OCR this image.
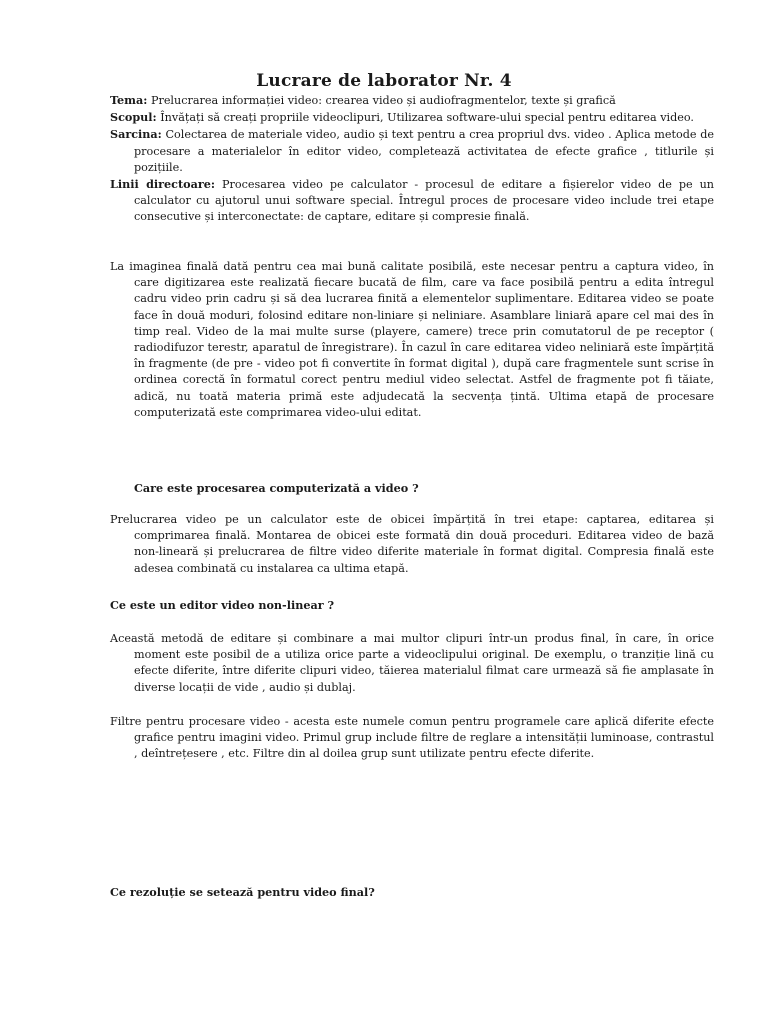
Lucrare de laborator Nr. 4

Tema: Prelucrarea informației video: crearea video și audiofragmentelor, texte și grafică

Scopul: Învățați să creați propriile videoclipuri, Utilizarea software-ului special pentru editarea video.

Sarcina: Colectarea de materiale video, audio și text pentru a crea propriul dvs. video . Aplica metode de procesare a materialelor în editor video, completează activitatea de efecte grafice , titlurile și pozițiile.

Linii directoare: Procesarea video pe calculator - procesul de editare a fișierelor video de pe un calculator cu ajutorul unui software special. Întregul proces de procesare video include trei etape consecutive și interconectate: de captare, editare și compresie finală.

La imaginea finală dată pentru cea mai bună calitate posibilă, este necesar pentru a captura video, în care digitizarea este realizată fiecare bucată de film, care va face posibilă pentru a edita întregul cadru video prin cadru și să dea lucrarea finită a elementelor suplimentare. Editarea video se poate face în două moduri, folosind editare non-liniare și neliniare. Asamblare liniară apare cel mai des în timp real. Video de la mai multe surse (playere, camere) trece prin comutatorul de pe receptor ( radiodifuzor terestr, aparatul de înregistrare). În cazul în care editarea video neliniară este împărțită în fragmente (de pre - video pot fi convertite în format digital ), după care fragmentele sunt scrise în ordinea corectă în formatul corect pentru mediul video selectat. Astfel de fragmente pot fi tăiate, adică, nu toată materia primă este adjudecată la secvența țintă. Ultima etapă de procesare computerizată este comprimarea video-ului editat.

Care este procesarea computerizată a video ?

Prelucrarea video pe un calculator este de obicei împărțită în trei etape: captarea, editarea și comprimarea finală. Montarea de obicei este formată din două proceduri. Editarea video de bază non-lineară și prelucrarea de filtre video diferite materiale în format digital. Compresia finală este adesea combinată cu instalarea ca ultima etapă.

Ce este un editor video non-linear ?

Această metodă de editare și combinare a mai multor clipuri într-un produs final, în care, în orice moment este posibil de a utiliza orice parte a videoclipului original. De exemplu, o tranziție lină cu efecte diferite, între diferite clipuri video, tăierea materialul filmat care urmează să fie amplasate în diverse locații de vide , audio și dublaj.

Filtre pentru procesare video - acesta este numele comun pentru programele care aplică diferite efecte grafice pentru imagini video. Primul grup include filtre de reglare a intensității luminoase, contrastul , deîntrețesere , etc. Filtre din al doilea grup sunt utilizate pentru efecte diferite.

Ce rezoluție se setează pentru video final?
